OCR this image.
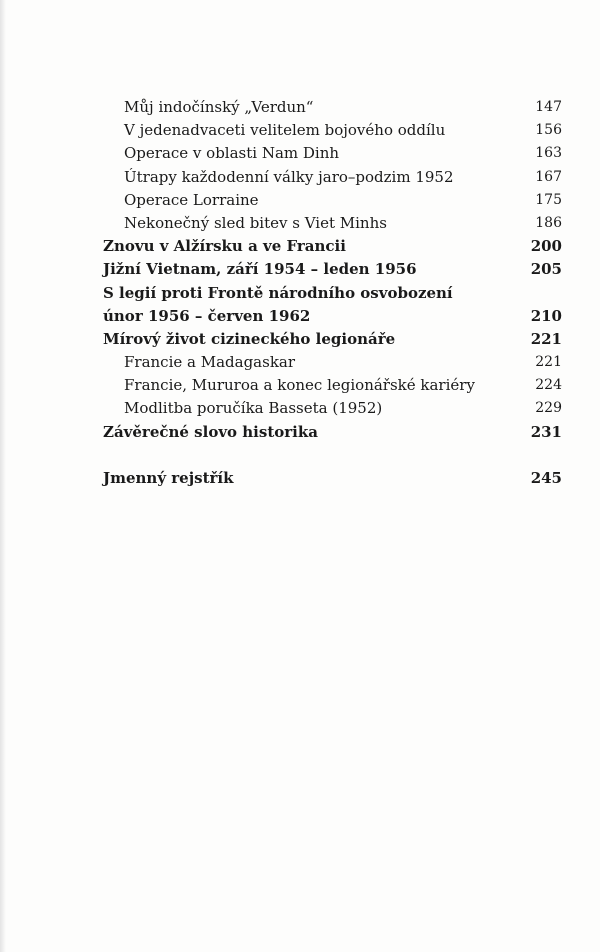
Můj indočínský „Verdun“	147
V jedenadvaceti velitelem bojového oddílu	156
Operace v oblasti Nam Dinh	163
Útrapy každodenní války jaro–podzim 1952	167
Operace Lorraine	175
Nekonečný sled bitev s Viet Minhs	186
Znovu v Alžírsku a ve Francii	200
Jižní Vietnam, září 1954 – leden 1956	205
S legií proti Frontě národního osvobození
únor 1956 – červen 1962	210
Mírový život cizineckého legionáře	221
Francie a Madagaskar	221
Francie, Mururoa a konec legionářské kariéry	224
Modlitba poručíka Basseta (1952)	229
Závěrečné slovo historika	231
Jmenný rejstřík	245
